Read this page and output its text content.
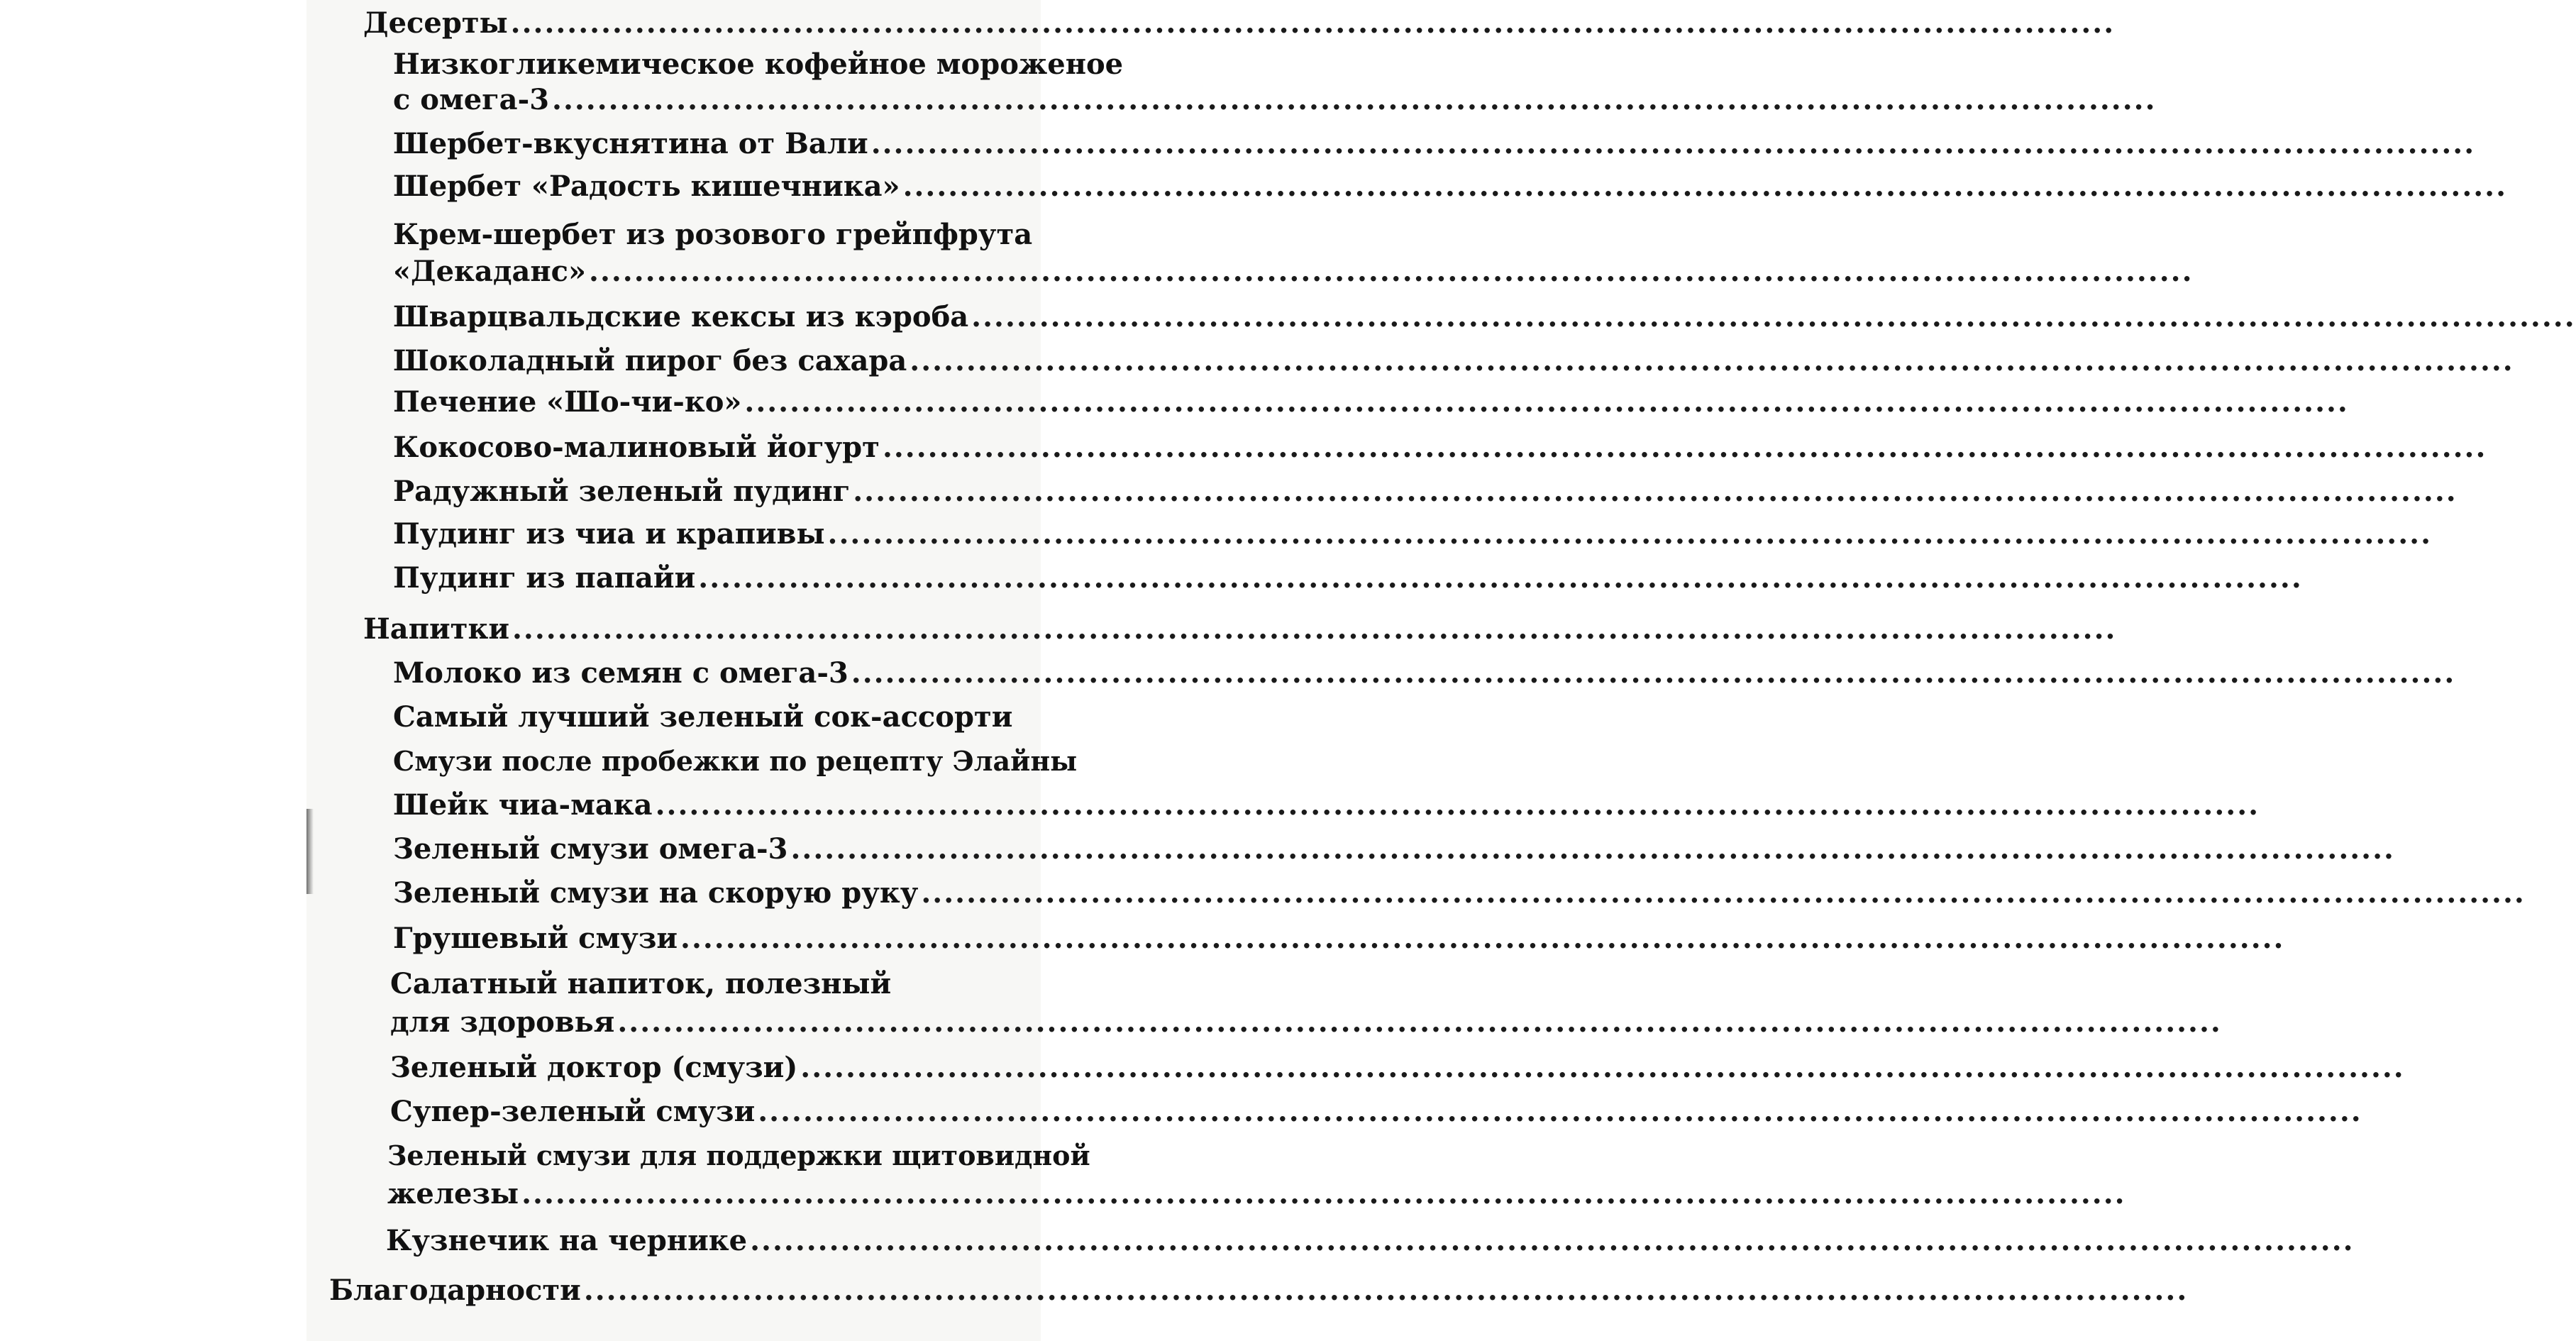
Десерты
.....
Низкогликемическое кофейное мороженое
с омега-3
.....
Шербет-вкуснятина от Вали
.....
Шербет «Радость кишечника»
.....
Крем-шербет из розового грейпфрута
«Декаданс»
.....
Шварцвальдские кексы из кэроба
.....
Шоколадный пирог без сахара
.....
Печение «Шо-чи-ко»
.....
Кокосово-малиновый йогурт
.....
Радужный зеленый пудинг
.....
Пудинг из чиа и крапивы
.....
Пудинг из папайи
.....
Напитки
.....
Молоко из семян с омега-3
.....
Самый лучший зеленый сок-ассорти
Смузи после пробежки по рецепту Элайны
Шейк чиа-мака
.....
Зеленый смузи омега-3
.....
Зеленый смузи на скорую руку
.....
Грушевый смузи
.....
Салатный напиток, полезный
для здоровья
.....
Зеленый доктор (смузи)
.....
Супер-зеленый смузи
.....
Зеленый смузи для поддержки щитовидной
железы
.....
Кузнечик на чернике
.....
Благодарности
.....
